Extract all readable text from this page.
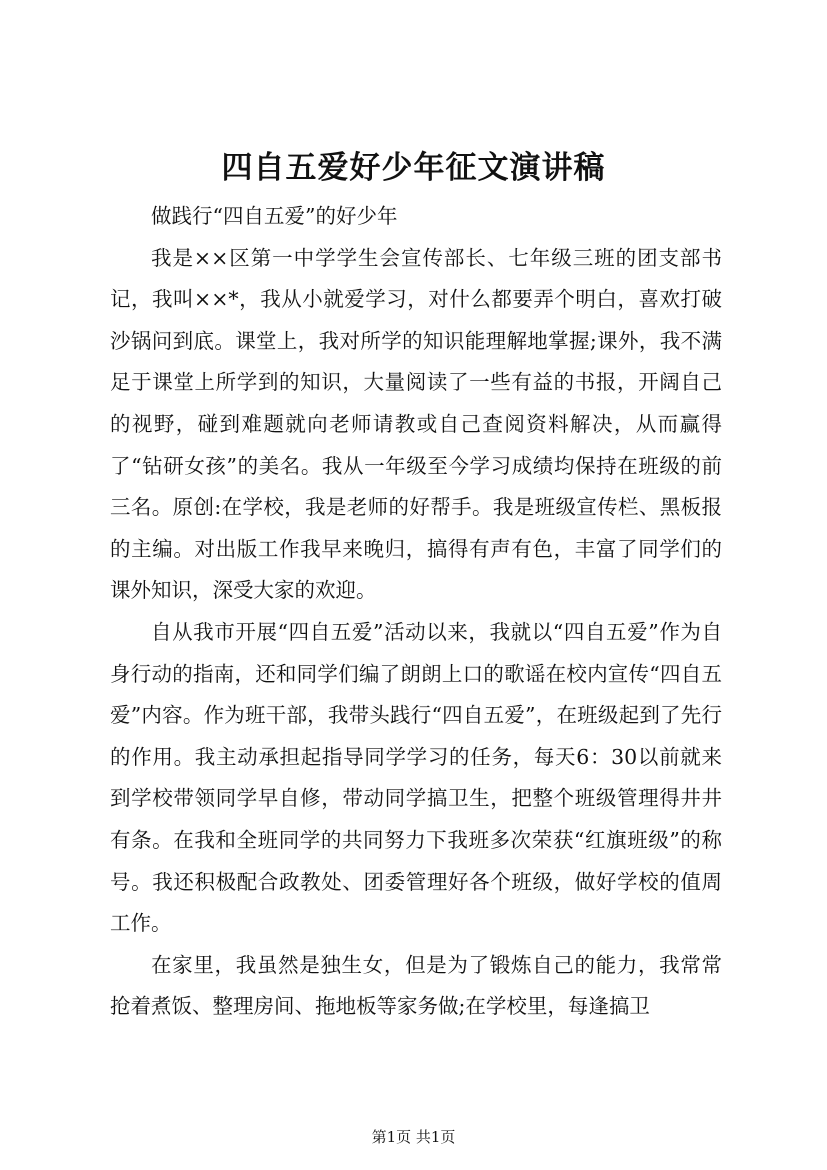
四自五爱好少年征文演讲稿

做践行“四自五爱”的好少年

我是××区第一中学学生会宣传部长、七年级三班的团支部书记，我叫××*，我从小就爱学习，对什么都要弄个明白，喜欢打破沙锅问到底。课堂上，我对所学的知识能理解地掌握;课外，我不满足于课堂上所学到的知识，大量阅读了一些有益的书报，开阔自己的视野，碰到难题就向老师请教或自己查阅资料解决，从而赢得了“钻研女孩”的美名。我从一年级至今学习成绩均保持在班级的前三名。原创:在学校，我是老师的好帮手。我是班级宣传栏、黑板报的主编。对出版工作我早来晚归，搞得有声有色，丰富了同学们的课外知识，深受大家的欢迎。

自从我市开展“四自五爱”活动以来，我就以“四自五爱”作为自身行动的指南，还和同学们编了朗朗上口的歌谣在校内宣传“四自五爱”内容。作为班干部，我带头践行“四自五爱”，在班级起到了先行的作用。我主动承担起指导同学学习的任务，每天6：30以前就来到学校带领同学早自修，带动同学搞卫生，把整个班级管理得井井有条。在我和全班同学的共同努力下我班多次荣获“红旗班级”的称号。我还积极配合政教处、团委管理好各个班级，做好学校的值周工作。

在家里，我虽然是独生女，但是为了锻炼自己的能力，我常常抢着煮饭、整理房间、拖地板等家务做;在学校里，每逢搞卫

第1页 共1页
